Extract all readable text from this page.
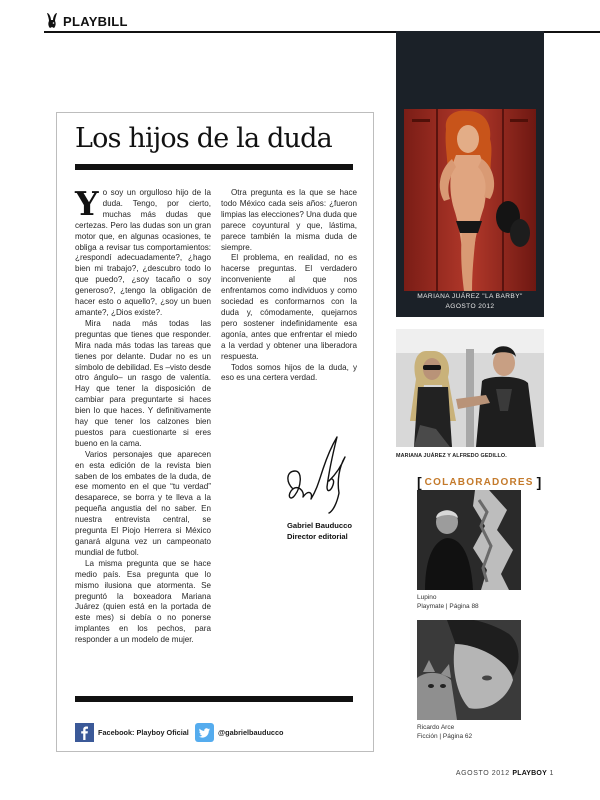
PLAYBILL
Los hijos de la duda

Yo soy un orgulloso hijo de la duda. Tengo, por cierto, muchas más dudas que certezas. Pero las dudas son un gran motor que, en algunas ocasiones, te obliga a revisar tus comportamientos: ¿respondí adecuadamente?, ¿hago bien mi trabajo?, ¿descubro todo lo que puedo?, ¿soy tacaño o soy generoso?, ¿tengo la obligación de hacer esto o aquello?, ¿soy un buen amante?, ¿Dios existe?.

Mira nada más todas las preguntas que tienes que responder. Mira nada más todas las tareas que tienes por delante. Dudar no es un símbolo de debilidad. Es –visto desde otro ángulo– un rasgo de valentía. Hay que tener la disposición de cambiar para preguntarte si haces bien lo que haces. Y definitivamente hay que tener los calzones bien puestos para cuestionarte si eres bueno en la cama.

Varios personajes que aparecen en esta edición de la revista bien saben de los embates de la duda, de ese momento en el que “tu verdad” desaparece, se borra y te lleva a la pequeña angustia del no saber. En nuestra entrevista central, se pregunta El Piojo Herrera si México ganará alguna vez un campeonato mundial de futbol.

La misma pregunta que se hace medio país. Esa pregunta que lo mismo ilusiona que atormenta. Se preguntó la boxeadora Mariana Juárez (quien está en la portada de este mes) si debía o no ponerse implantes en los pechos, para responder a un modelo de mujer.

Otra pregunta es la que se hace todo México cada seis años: ¿fueron limpias las elecciones? Una duda que parece coyuntural y que, lástima, parece también la misma duda de siempre.

El problema, en realidad, no es hacerse preguntas. El verdadero inconveniente al que nos enfrentamos como individuos y como sociedad es conformarnos con la duda y, cómodamente, quejarnos pero sostener indefinidamente esa agonía, antes que enfrentar el miedo a la verdad y obtener una liberadora respuesta.

Todos somos hijos de la duda, y eso es una certera verdad.

Gabriel Bauducco
Director editorial
Facebook: Playboy Oficial	@gabrielbauducco
MARIANA JUÁREZ "LA BARBY"
AGOSTO 2012
MARIANA JUÁREZ Y ALFREDO GEDILLO.
[ COLABORADORES ]
Lupino
Playmate | Página 88
Ricardo Arce
Ficción | Página 62
AGOSTO 2012 PLAYBOY 1
